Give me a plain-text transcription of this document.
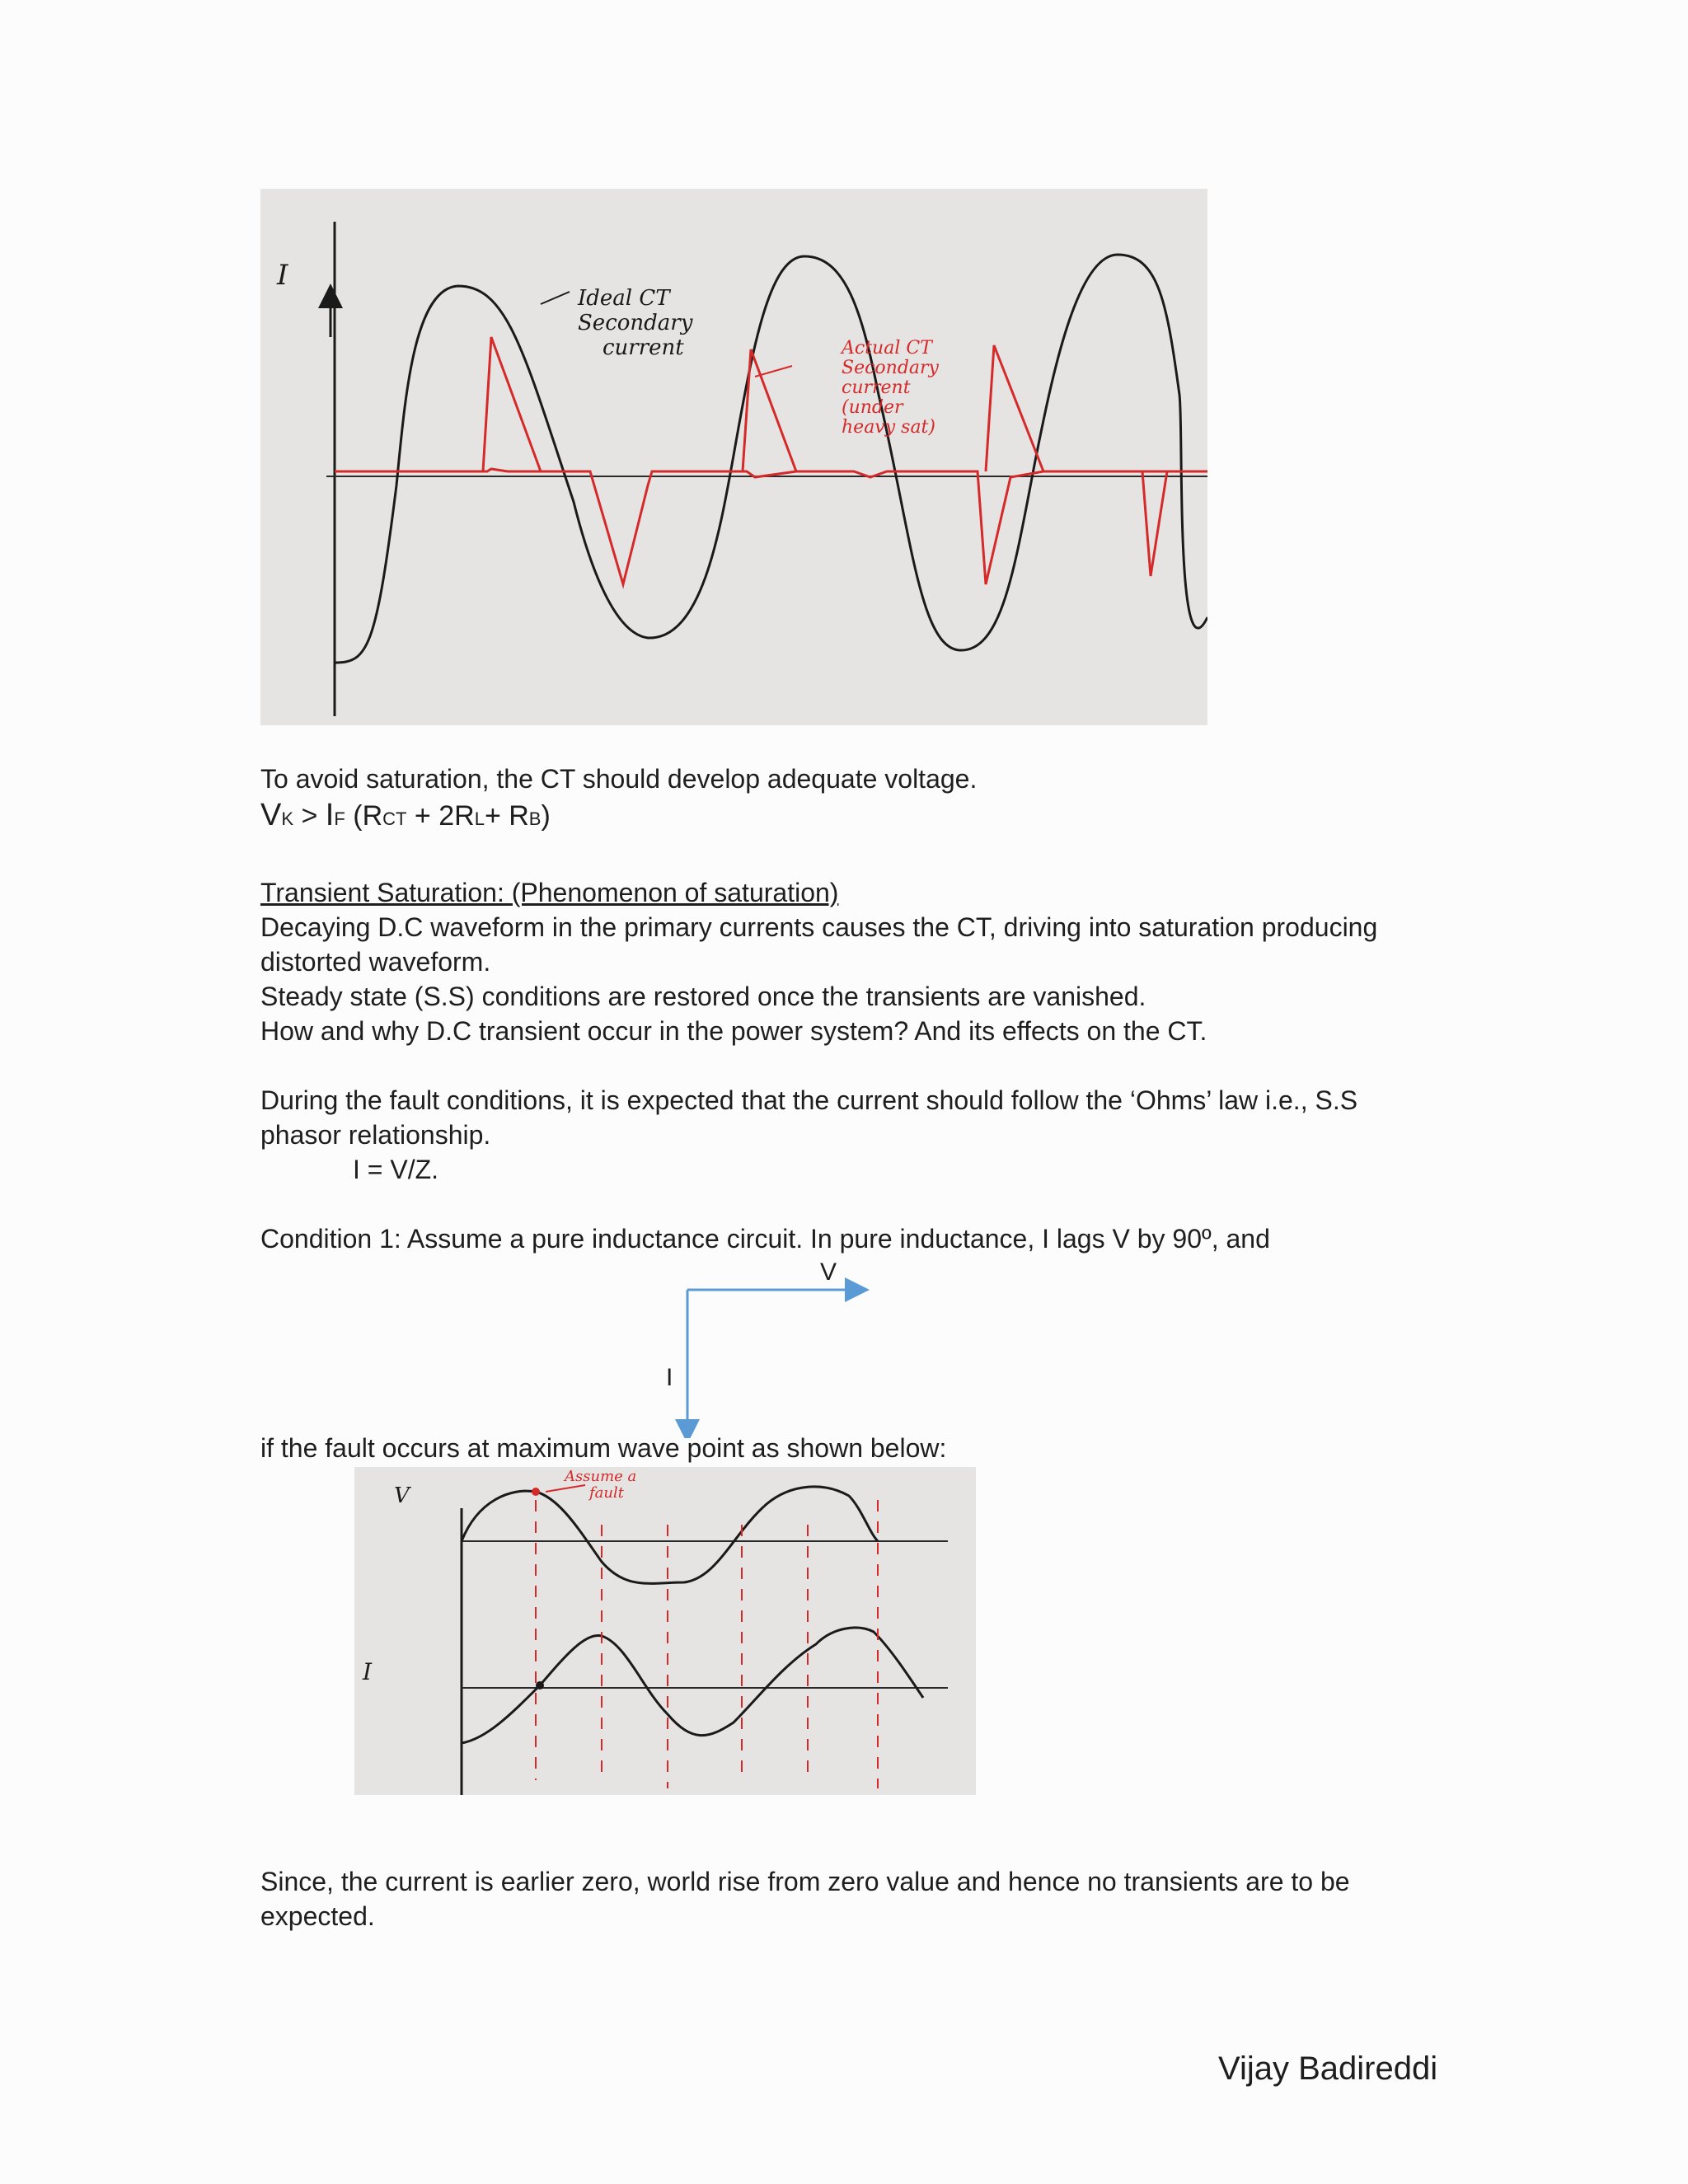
I
Ideal CT
Secondary
current	Actual CT
Secondary
current
(under
heavy sat)
To avoid saturation, the CT should develop adequate voltage.
VK > IF (RCT + 2RL+ RB)
Transient Saturation: (Phenomenon of saturation)
Decaying D.C waveform in the primary currents causes the CT, driving into saturation producing
distorted waveform.
Steady state (S.S) conditions are restored once the transients are vanished.
How and why D.C transient occur in the power system? And its effects on the CT.
During the fault conditions, it is expected that the current should follow the ‘Ohms’ law i.e., S.S
phasor relationship.
I = V/Z.
Condition 1: Assume a pure inductance circuit. In pure inductance, I lags V by 90º, and
V
I
if the fault occurs at maximum wave point as shown below:
V
I
Assume a
fault
Since, the current is earlier zero, world rise from zero value and hence no transients are to be
expected.
Vijay Badireddi
